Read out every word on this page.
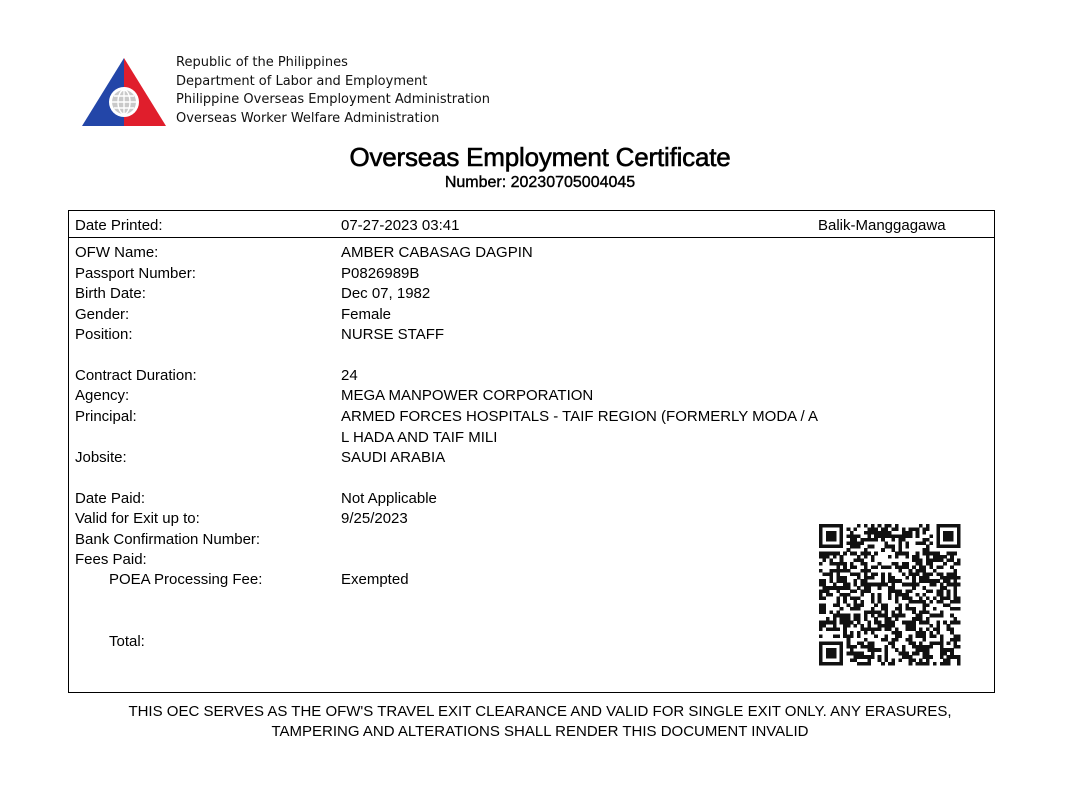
Republic of the Philippines
Department of Labor and Employment
Philippine Overseas Employment Administration
Overseas Worker Welfare Administration
Overseas Employment Certificate
Number: 20230705004045
Date Printed:	07-27-2023 03:41	Balik-Manggagawa
OFW Name:	AMBER CABASAG DAGPIN
Passport Number:	P0826989B
Birth Date:	Dec 07, 1982
Gender:	Female
Position:	NURSE STAFF
Contract Duration:	24
Agency:	MEGA MANPOWER CORPORATION
Principal:	ARMED FORCES HOSPITALS - TAIF REGION (FORMERLY MODA / A
L HADA AND TAIF MILI
Jobsite:	SAUDI ARABIA
Date Paid:	Not Applicable
Valid for Exit up to:	9/25/2023
Bank Confirmation Number:
Fees Paid:
POEA Processing Fee:	Exempted
Total:
THIS OEC SERVES AS THE OFW'S TRAVEL EXIT CLEARANCE AND VALID FOR SINGLE EXIT ONLY. ANY ERASURES,
TAMPERING AND ALTERATIONS SHALL RENDER THIS DOCUMENT INVALID
